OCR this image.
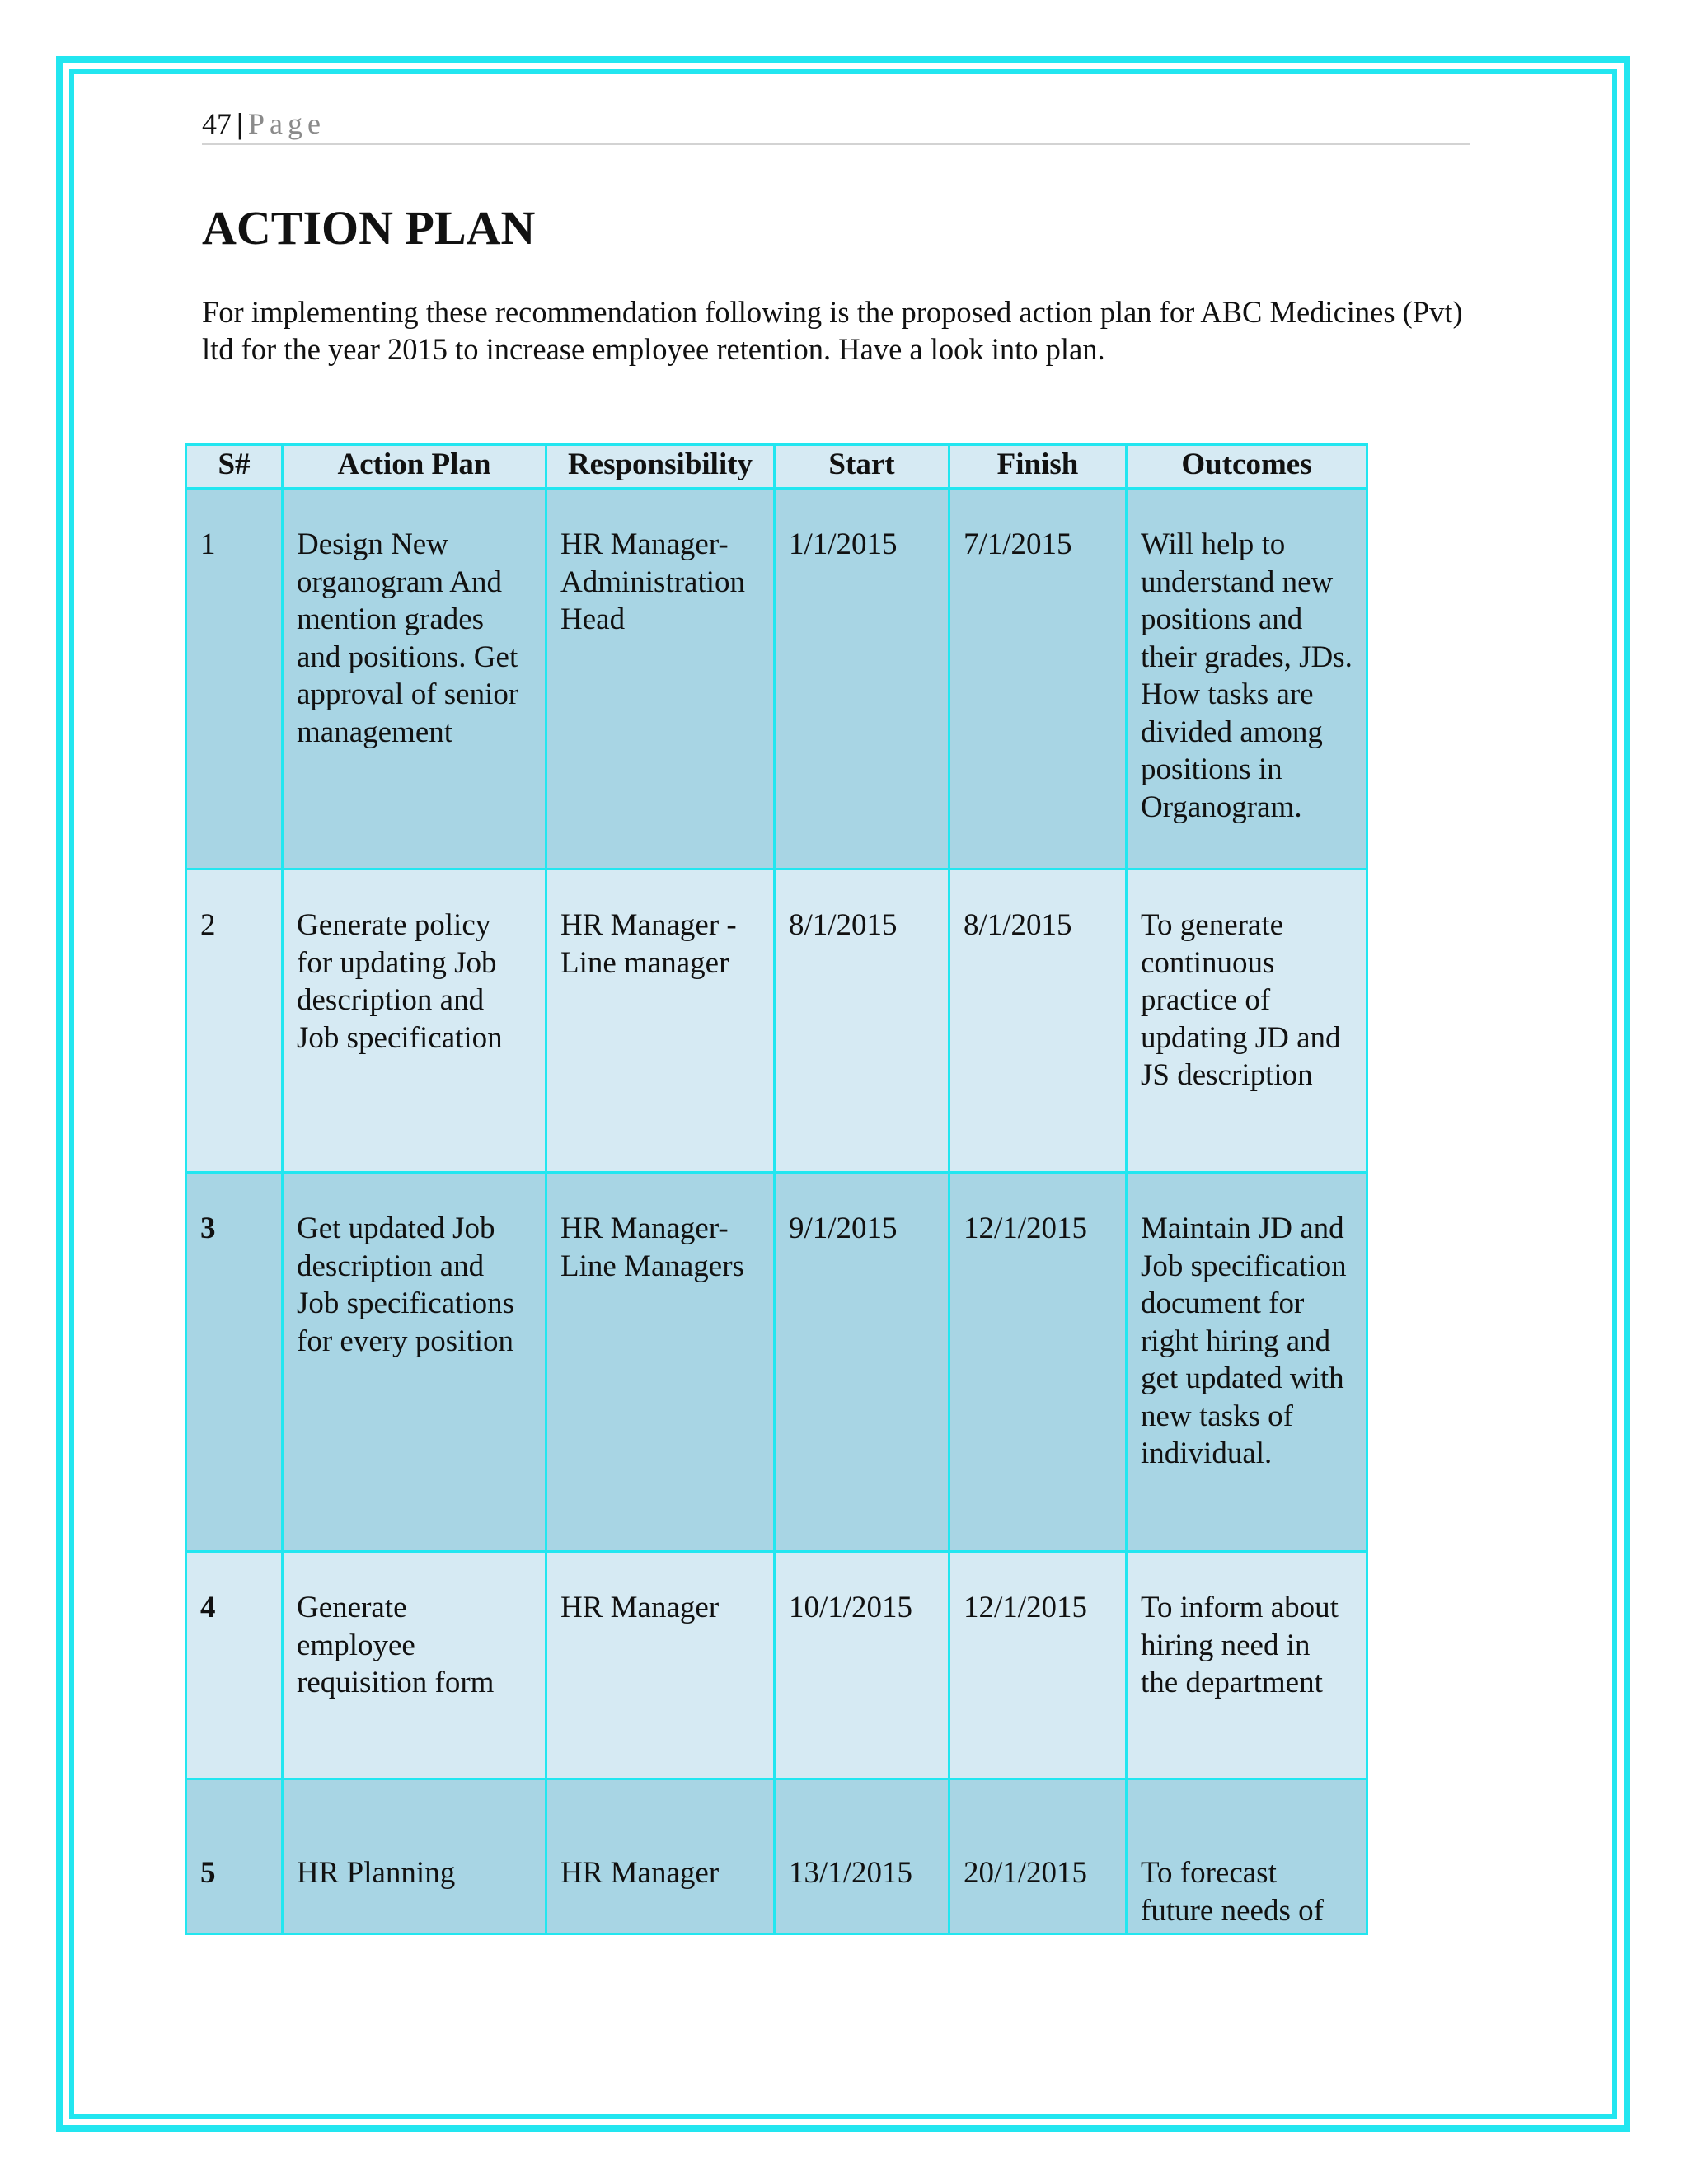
47 | Page
ACTION PLAN

For implementing these recommendation following is the proposed action plan for ABC Medicines (Pvt) ltd for the year 2015 to increase employee retention. Have a look into plan.

S#	Action Plan	Responsibility	Start	Finish	Outcomes
1	Design New organogram And mention grades and positions. Get approval of senior management	HR Manager- Administration Head	1/1/2015	7/1/2015	Will help to understand new positions and their grades, JDs. How tasks are divided among positions in Organogram.
2	Generate policy for updating Job description and Job specification	HR Manager -Line manager	8/1/2015	8/1/2015	To generate continuous practice of updating JD and JS description
3	Get updated Job description and Job specifications for every position	HR Manager- Line Managers	9/1/2015	12/1/2015	Maintain JD and Job specification document for right hiring and get updated with new tasks of individual.
4	Generate employee requisition form	HR Manager	10/1/2015	12/1/2015	To inform about hiring need in the department
5	HR Planning	HR Manager	13/1/2015	20/1/2015	To forecast future needs of
